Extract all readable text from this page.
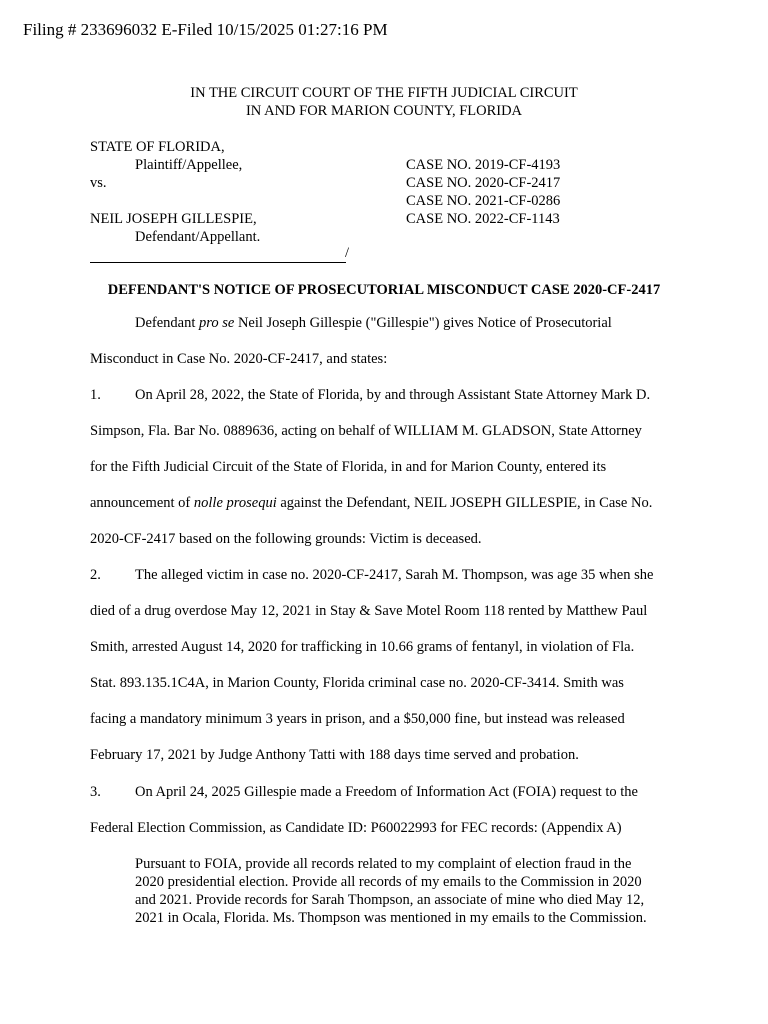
Filing # 233696032 E-Filed 10/15/2025 01:27:16 PM
IN THE CIRCUIT COURT OF THE FIFTH JUDICIAL CIRCUIT
IN AND FOR MARION COUNTY, FLORIDA
STATE OF FLORIDA,
Plaintiff/Appellee,
vs.
NEIL JOSEPH GILLESPIE,
Defendant/Appellant.
/
CASE NO. 2019-CF-4193
CASE NO. 2020-CF-2417
CASE NO. 2021-CF-0286
CASE NO. 2022-CF-1143
DEFENDANT'S NOTICE OF PROSECUTORIAL MISCONDUCT CASE 2020-CF-2417
Defendant pro se Neil Joseph Gillespie ("Gillespie") gives Notice of Prosecutorial
Misconduct in Case No. 2020-CF-2417, and states:
1. On April 28, 2022, the State of Florida, by and through Assistant State Attorney Mark D.
Simpson, Fla. Bar No. 0889636, acting on behalf of WILLIAM M. GLADSON, State Attorney
for the Fifth Judicial Circuit of the State of Florida, in and for Marion County, entered its
announcement of nolle prosequi against the Defendant, NEIL JOSEPH GILLESPIE, in Case No.
2020-CF-2417 based on the following grounds: Victim is deceased.
2. The alleged victim in case no. 2020-CF-2417, Sarah M. Thompson, was age 35 when she
died of a drug overdose May 12, 2021 in Stay & Save Motel Room 118 rented by Matthew Paul
Smith, arrested August 14, 2020 for trafficking in 10.66 grams of fentanyl, in violation of Fla.
Stat. 893.135.1C4A, in Marion County, Florida criminal case no. 2020-CF-3414. Smith was
facing a mandatory minimum 3 years in prison, and a $50,000 fine, but instead was released
February 17, 2021 by Judge Anthony Tatti with 188 days time served and probation.
3. On April 24, 2025 Gillespie made a Freedom of Information Act (FOIA) request to the
Federal Election Commission, as Candidate ID: P60022993 for FEC records: (Appendix A)
Pursuant to FOIA, provide all records related to my complaint of election fraud in the
2020 presidential election. Provide all records of my emails to the Commission in 2020
and 2021. Provide records for Sarah Thompson, an associate of mine who died May 12,
2021 in Ocala, Florida. Ms. Thompson was mentioned in my emails to the Commission.
